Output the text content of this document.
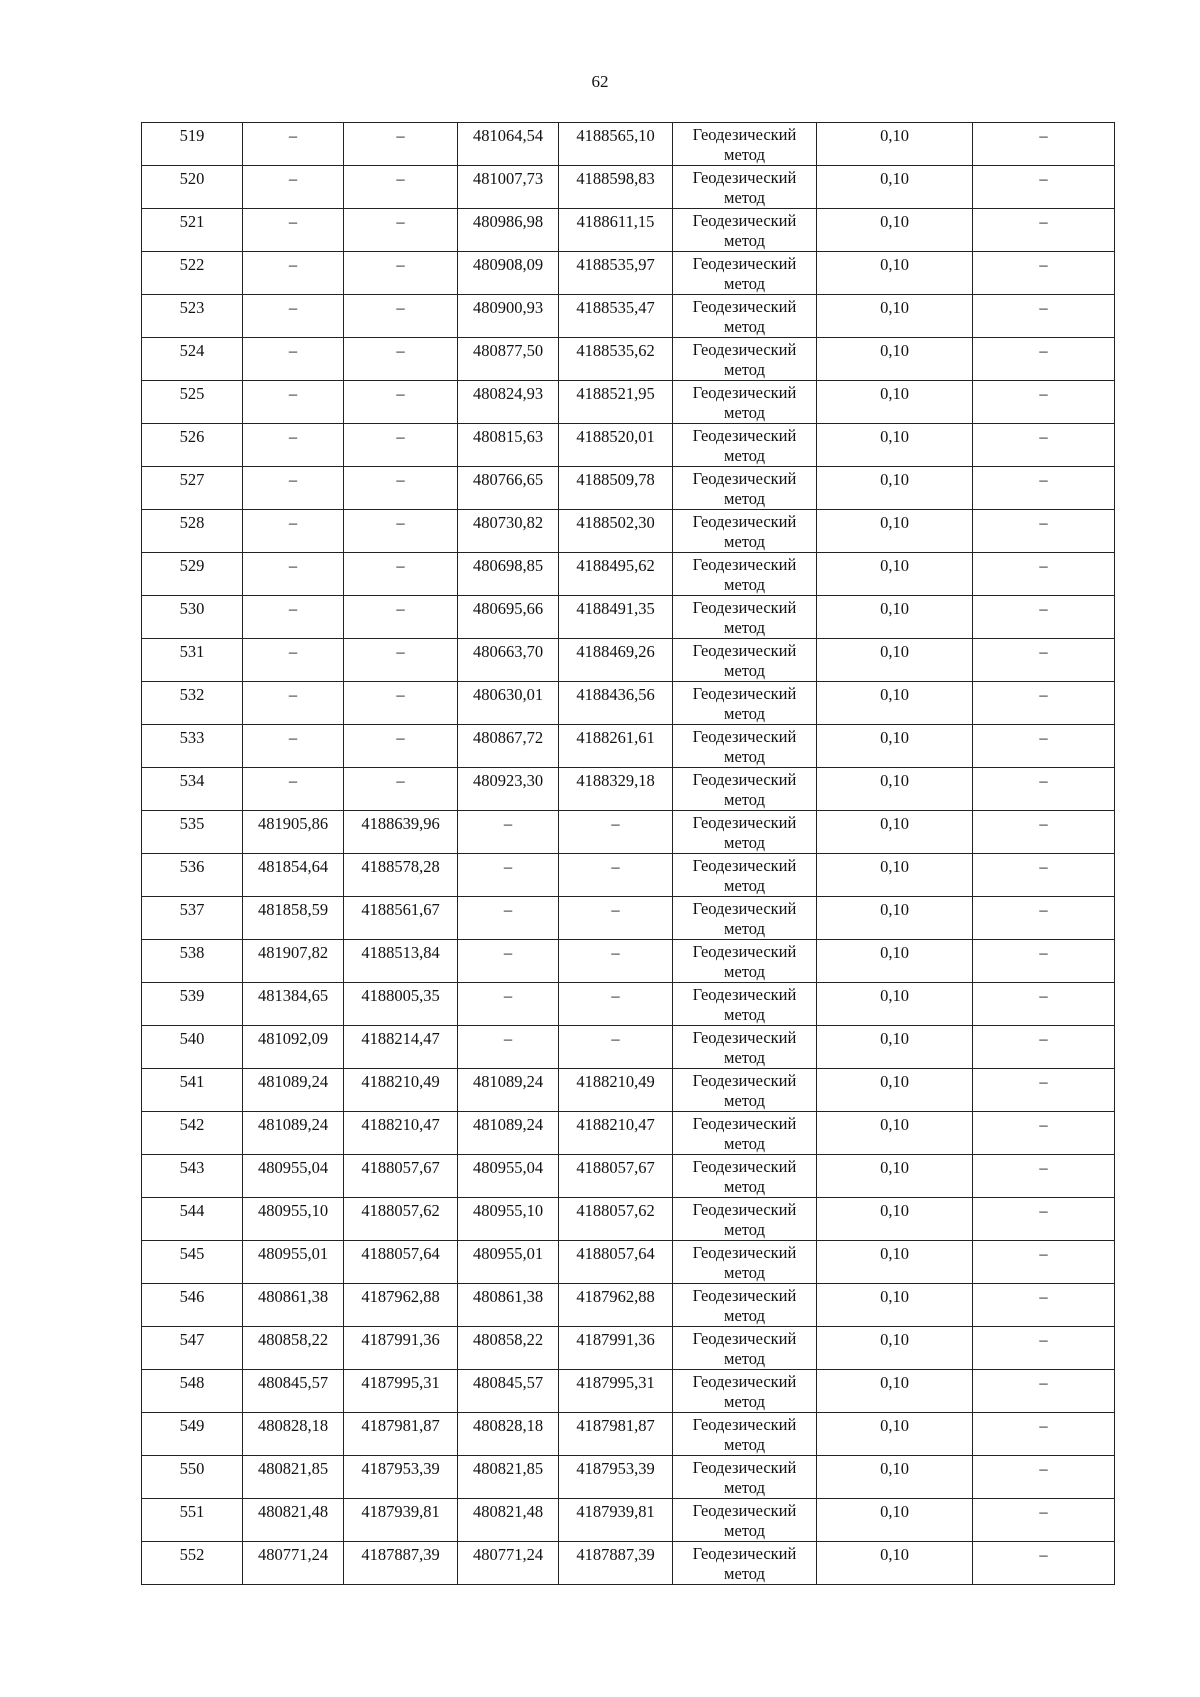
62
519	–	–	481064,54	4188565,10	Геодезический метод	0,10	–

520	–	–	481007,73	4188598,83	Геодезический метод	0,10	–

521	–	–	480986,98	4188611,15	Геодезический метод	0,10	–

522	–	–	480908,09	4188535,97	Геодезический метод	0,10	–

523	–	–	480900,93	4188535,47	Геодезический метод	0,10	–

524	–	–	480877,50	4188535,62	Геодезический метод	0,10	–

525	–	–	480824,93	4188521,95	Геодезический метод	0,10	–

526	–	–	480815,63	4188520,01	Геодезический метод	0,10	–

527	–	–	480766,65	4188509,78	Геодезический метод	0,10	–

528	–	–	480730,82	4188502,30	Геодезический метод	0,10	–

529	–	–	480698,85	4188495,62	Геодезический метод	0,10	–

530	–	–	480695,66	4188491,35	Геодезический метод	0,10	–

531	–	–	480663,70	4188469,26	Геодезический метод	0,10	–

532	–	–	480630,01	4188436,56	Геодезический метод	0,10	–

533	–	–	480867,72	4188261,61	Геодезический метод	0,10	–

534	–	–	480923,30	4188329,18	Геодезический метод	0,10	–

535	481905,86	4188639,96	–	–	Геодезический метод	0,10	–

536	481854,64	4188578,28	–	–	Геодезический метод	0,10	–

537	481858,59	4188561,67	–	–	Геодезический метод	0,10	–

538	481907,82	4188513,84	–	–	Геодезический метод	0,10	–

539	481384,65	4188005,35	–	–	Геодезический метод	0,10	–

540	481092,09	4188214,47	–	–	Геодезический метод	0,10	–

541	481089,24	4188210,49	481089,24	4188210,49	Геодезический метод	0,10	–

542	481089,24	4188210,47	481089,24	4188210,47	Геодезический метод	0,10	–

543	480955,04	4188057,67	480955,04	4188057,67	Геодезический метод	0,10	–

544	480955,10	4188057,62	480955,10	4188057,62	Геодезический метод	0,10	–

545	480955,01	4188057,64	480955,01	4188057,64	Геодезический метод	0,10	–

546	480861,38	4187962,88	480861,38	4187962,88	Геодезический метод	0,10	–

547	480858,22	4187991,36	480858,22	4187991,36	Геодезический метод	0,10	–

548	480845,57	4187995,31	480845,57	4187995,31	Геодезический метод	0,10	–

549	480828,18	4187981,87	480828,18	4187981,87	Геодезический метод	0,10	–

550	480821,85	4187953,39	480821,85	4187953,39	Геодезический метод	0,10	–

551	480821,48	4187939,81	480821,48	4187939,81	Геодезический метод	0,10	–

552	480771,24	4187887,39	480771,24	4187887,39	Геодезический метод	0,10	–
